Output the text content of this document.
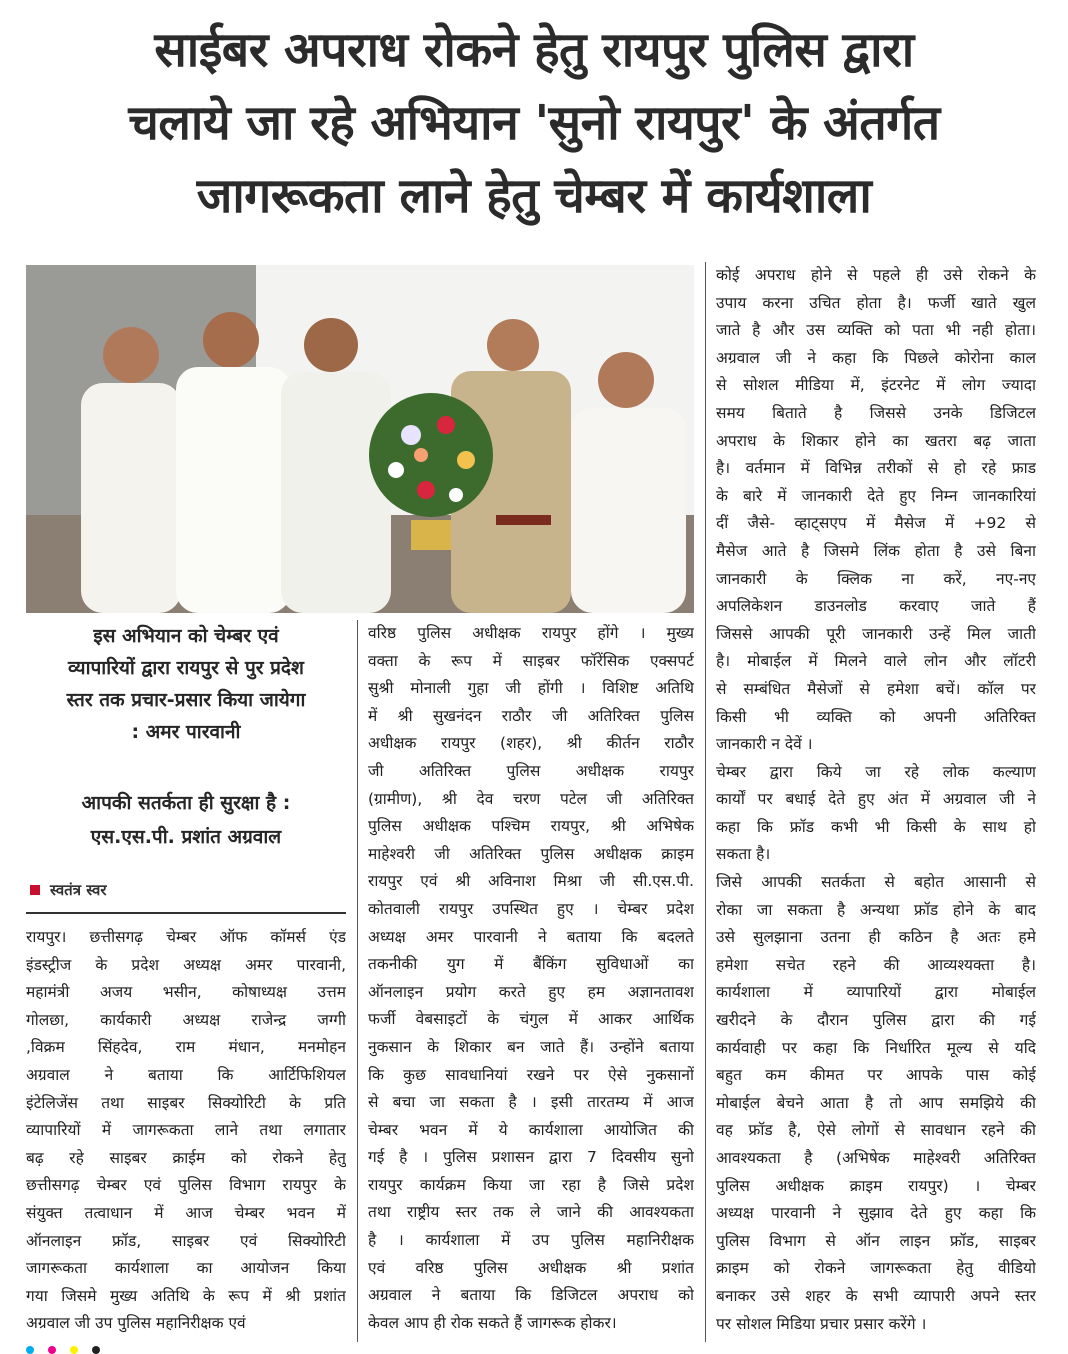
साईबर अपराध रोकने हेतु रायपुर पुलिस द्वारा
चलाये जा रहे अभियान 'सुनो रायपुर' के अंतर्गत
जागरूकता लाने हेतु चेम्बर में कार्यशाला
इस अभियान को चेम्बर एवं
व्यापारियों द्वारा रायपुर से पुर प्रदेश
स्तर तक प्रचार-प्रसार किया जायेगा
: अमर पारवानी
आपकी सतर्कता ही सुरक्षा है :
एस.एस.पी. प्रशांत अग्रवाल
स्वतंत्र स्वर

रायपुर। छत्तीसगढ़ चेम्बर ऑफ कॉमर्स एंड

इंडस्ट्रीज के प्रदेश अध्यक्ष अमर पारवानी,

महामंत्री अजय भसीन, कोषाध्यक्ष उत्तम

गोलछा, कार्यकारी अध्यक्ष राजेन्द्र जग्गी

,विक्रम सिंहदेव, राम मंधान, मनमोहन

अग्रवाल ने बताया कि आर्टिफिशियल

इंटेलिजेंस तथा साइबर सिक्योरिटी के प्रति

व्यापारियों में जागरूकता लाने तथा लगातार

बढ़ रहे साइबर क्राईम को रोकने हेतु

छत्तीसगढ़ चेम्बर एवं पुलिस विभाग रायपुर के

संयुक्त तत्वाधान में आज चेम्बर भवन में

ऑनलाइन फ्रॉड, साइबर एवं सिक्योरिटी

जागरूकता कार्यशाला का आयोजन किया

गया जिसमे मुख्य अतिथि के रूप में श्री प्रशांत

अग्रवाल जी उप पुलिस महानिरीक्षक एवं

वरिष्ठ पुलिस अधीक्षक रायपुर होंगे । मुख्य

वक्ता के रूप में साइबर फॉरेंसिक एक्सपर्ट

सुश्री मोनाली गुहा जी होंगी । विशिष्ट अतिथि

में श्री सुखनंदन राठौर जी अतिरिक्त पुलिस

अधीक्षक रायपुर (शहर), श्री कीर्तन राठौर

जी अतिरिक्त पुलिस अधीक्षक रायपुर

(ग्रामीण), श्री देव चरण पटेल जी अतिरिक्त

पुलिस अधीक्षक पश्चिम रायपुर, श्री अभिषेक

माहेश्वरी जी अतिरिक्त पुलिस अधीक्षक क्राइम

रायपुर एवं श्री अविनाश मिश्रा जी सी.एस.पी.

कोतवाली रायपुर उपस्थित हुए । चेम्बर प्रदेश

अध्यक्ष अमर पारवानी ने बताया कि बदलते

तकनीकी युग में बैंकिंग सुविधाओं का

ऑनलाइन प्रयोग करते हुए हम अज्ञानतावश

फर्जी वेबसाइटों के चंगुल में आकर आर्थिक

नुकसान के शिकार बन जाते हैं। उन्होंने बताया

कि कुछ सावधानियां रखने पर ऐसे नुकसानों

से बचा जा सकता है । इसी तारतम्य में आज

चेम्बर भवन में ये कार्यशाला आयोजित की

गई है । पुलिस प्रशासन द्वारा 7 दिवसीय सुनो

रायपुर कार्यक्रम किया जा रहा है जिसे प्रदेश

तथा राष्ट्रीय स्तर तक ले जाने की आवश्यकता

है । कार्यशाला में उप पुलिस महानिरीक्षक

एवं वरिष्ठ पुलिस अधीक्षक श्री प्रशांत

अग्रवाल ने बताया कि डिजिटल अपराध को

केवल आप ही रोक सकते हैं जागरूक होकर।

कोई अपराध होने से पहले ही उसे रोकने के

उपाय करना उचित होता है। फर्जी खाते खुल

जाते है और उस व्यक्ति को पता भी नही होता।

अग्रवाल जी ने कहा कि पिछले कोरोना काल

से सोशल मीडिया में, इंटरनेट में लोग ज्यादा

समय बिताते है जिससे उनके डिजिटल

अपराध के शिकार होने का खतरा बढ़ जाता

है। वर्तमान में विभिन्न तरीकों से हो रहे फ्राड

के बारे में जानकारी देते हुए निम्न जानकारियां

दीं जैसे- व्हाट्सएप में मैसेज में +92 से

मैसेज आते है जिसमे लिंक होता है उसे बिना

जानकारी के क्लिक ना करें, नए-नए

अपलिकेशन डाउनलोड करवाए जाते हैं

जिससे आपकी पूरी जानकारी उन्हें मिल जाती

है। मोबाईल में मिलने वाले लोन और लॉटरी

से सम्बंधित मैसेजों से हमेशा बचें। कॉल पर

किसी भी व्यक्ति को अपनी अतिरिक्त

जानकारी न देवें ।

चेम्बर द्वारा किये जा रहे लोक कल्याण

कार्यों पर बधाई देते हुए अंत में अग्रवाल जी ने

कहा कि फ्रॉड कभी भी किसी के साथ हो

सकता है।

जिसे आपकी सतर्कता से बहोत आसानी से

रोका जा सकता है अन्यथा फ्रॉड होने के बाद

उसे सुलझाना उतना ही कठिन है अतः हमे

हमेशा सचेत रहने की आव्यश्यक्ता है।

कार्यशाला में व्यापारियों द्वारा मोबाईल

खरीदने के दौरान पुलिस द्वारा की गई

कार्यवाही पर कहा कि निर्धारित मूल्य से यदि

बहुत कम कीमत पर आपके पास कोई

मोबाईल बेचने आता है तो आप समझिये की

वह फ्रॉड है, ऐसे लोगों से सावधान रहने की

आवश्यकता है (अभिषेक माहेश्वरी अतिरिक्त

पुलिस अधीक्षक क्राइम रायपुर) । चेम्बर

अध्यक्ष पारवानी ने सुझाव देते हुए कहा कि

पुलिस विभाग से ऑन लाइन फ्रॉड, साइबर

क्राइम को रोकने जागरूकता हेतु वीडियो

बनाकर उसे शहर के सभी व्यापारी अपने स्तर

पर सोशल मिडिया प्रचार प्रसार करेंगे ।
